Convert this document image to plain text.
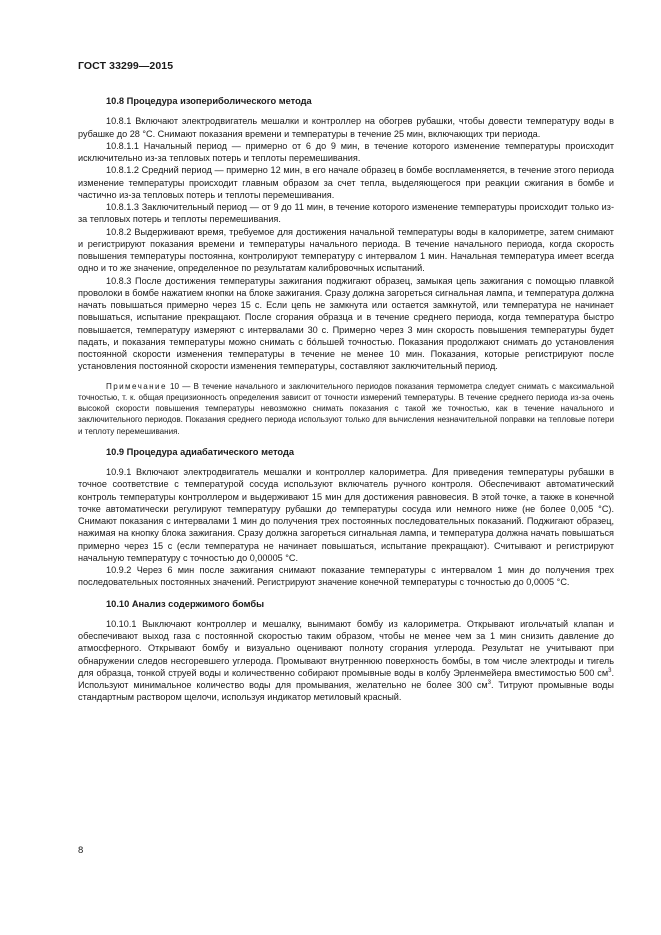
ГОСТ 33299—2015
10.8 Процедура изопериболического метода

10.8.1 Включают электродвигатель мешалки и контроллер на обогрев рубашки, чтобы довести температуру воды в рубашке до 28 °С. Снимают показания времени и температуры в течение 25 мин, включающих три периода.

10.8.1.1 Начальный период — примерно от 6 до 9 мин, в течение которого изменение температуры происходит исключительно из-за тепловых потерь и теплоты перемешивания.

10.8.1.2 Средний период — примерно 12 мин, в его начале образец в бомбе воспламеняется, в течение этого периода изменение температуры происходит главным образом за счет тепла, выделяющегося при реакции сжигания в бомбе и частично из-за тепловых потерь и теплоты перемешивания.

10.8.1.3 Заключительный период — от 9 до 11 мин, в течение которого изменение температуры происходит только из-за тепловых потерь и теплоты перемешивания.

10.8.2 Выдерживают время, требуемое для достижения начальной температуры воды в калориметре, затем снимают и регистрируют показания времени и температуры начального периода. В течение начального периода, когда скорость повышения температуры постоянна, контролируют температуру с интервалом 1 мин. Начальная температура имеет всегда одно и то же значение, определенное по результатам калибровочных испытаний.

10.8.3 После достижения температуры зажигания поджигают образец, замыкая цепь зажигания с помощью плавкой проволоки в бомбе нажатием кнопки на блоке зажигания. Сразу должна загореться сигнальная лампа, и температура должна начать повышаться примерно через 15 с. Если цепь не замкнута или остается замкнутой, или температура не начинает повышаться, испытание прекращают. После сгорания образца и в течение среднего периода, когда температура быстро повышается, температуру измеряют с интервалами 30 с. Примерно через 3 мин скорость повышения температуры будет падать, и показания температуры можно снимать с бóльшей точностью. Показания продолжают снимать до установления постоянной скорости изменения температуры в течение не менее 10 мин. Показания, которые регистрируют после установления постоянной скорости изменения температуры, составляют заключительный период.

Примечание 10 — В течение начального и заключительного периодов показания термометра следует снимать с максимальной точностью, т. к. общая прецизионность определения зависит от точности измерений температуры. В течение среднего периода из-за очень высокой скорости повышения температуры невозможно снимать показания с такой же точностью, как в течение начального и заключительного периодов. Показания среднего периода используют только для вычисления незначительной поправки на тепловые потери и теплоту перемешивания.

10.9 Процедура адиабатического метода

10.9.1 Включают электродвигатель мешалки и контроллер калориметра. Для приведения температуры рубашки в точное соответствие с температурой сосуда используют включатель ручного контроля. Обеспечивают автоматический контроль температуры контроллером и выдерживают 15 мин для достижения равновесия. В этой точке, а также в конечной точке автоматически регулируют температуру рубашки до температуры сосуда или немного ниже (не более 0,005 °С). Снимают показания с интервалами 1 мин до получения трех постоянных последовательных показаний. Поджигают образец, нажимая на кнопку блока зажигания. Сразу должна загореться сигнальная лампа, и температура должна начать повышаться примерно через 15 с (если температура не начинает повышаться, испытание прекращают). Считывают и регистрируют начальную температуру с точностью до 0,00005 °С.

10.9.2 Через 6 мин после зажигания снимают показание температуры с интервалом 1 мин до получения трех последовательных постоянных значений. Регистрируют значение конечной температуры с точностью до 0,0005 °С.

10.10 Анализ содержимого бомбы

10.10.1 Выключают контроллер и мешалку, вынимают бомбу из калориметра. Открывают игольчатый клапан и обеспечивают выход газа с постоянной скоростью таким образом, чтобы не менее чем за 1 мин снизить давление до атмосферного. Открывают бомбу и визуально оценивают полноту сгорания углерода. Результат не учитывают при обнаружении следов несгоревшего углерода. Промывают внутреннюю поверхность бомбы, в том числе электроды и тигель для образца, тонкой струей воды и количественно собирают промывные воды в колбу Эрленмейера вместимостью 500 $см^3$. Используют минимальное количество воды для промывания, желательно не более 300 $см^3$. Титруют промывные воды стандартным раствором щелочи, используя индикатор метиловый красный.

8
